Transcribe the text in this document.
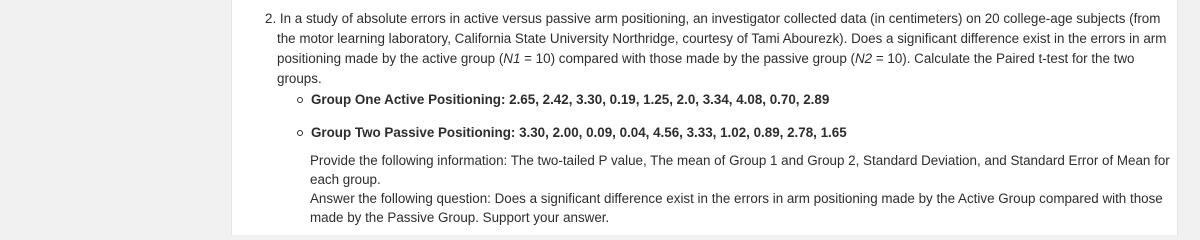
2. In a study of absolute errors in active versus passive arm positioning, an investigator collected data (in centimeters) on 20 college-age subjects (from the motor learning laboratory, California State University Northridge, courtesy of Tami Abourezk). Does a significant difference exist in the errors in arm positioning made by the active group (N1 = 10) compared with those made by the passive group (N2 = 10). Calculate the Paired t-test for the two groups.
Group One Active Positioning: 2.65, 2.42, 3.30, 0.19, 1.25, 2.0, 3.34, 4.08, 0.70, 2.89
Group Two Passive Positioning: 3.30, 2.00, 0.09, 0.04, 4.56, 3.33, 1.02, 0.89, 2.78, 1.65

Provide the following information: The two-tailed P value, The mean of Group 1 and Group 2, Standard Deviation, and Standard Error of Mean for each group.

Answer the following question: Does a significant difference exist in the errors in arm positioning made by the Active Group compared with those made by the Passive Group. Support your answer.
